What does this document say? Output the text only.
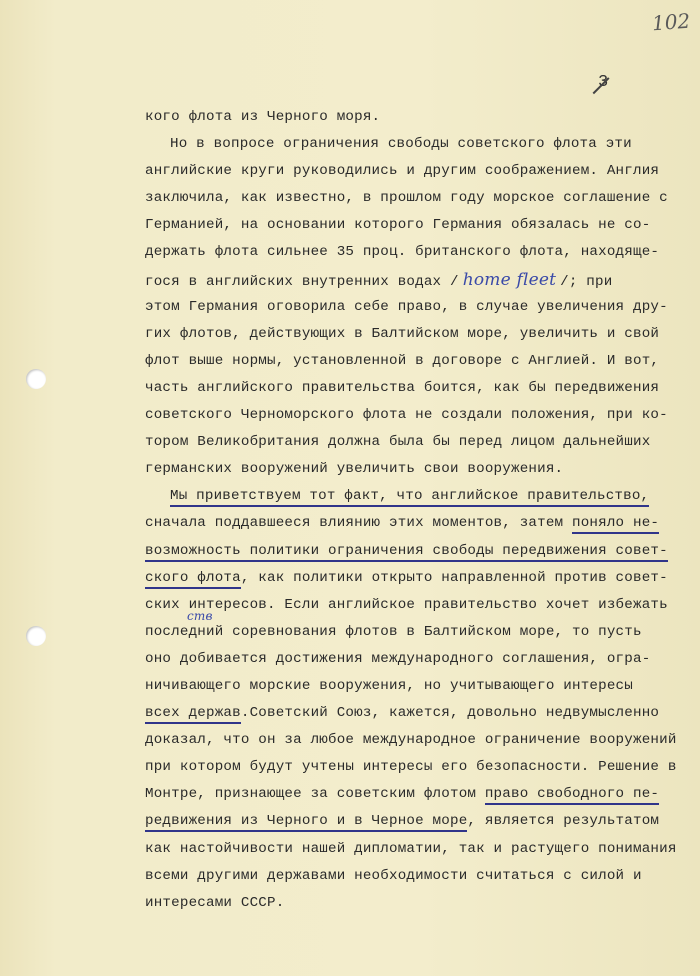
102
3
кого флота из Черного моря.
Но в вопросе ограничения свободы советского флота эти
английские круги руководились и другим соображением. Англия
заключила, как известно, в прошлом году морское соглашение с
Германией, на основании которого Германия обязалась не со-
держать флота сильнее 35 проц. британского флота, находяще-
гося в английских внутренних водах / home fleet /; при
этом Германия оговорила себе право, в случае увеличения дру-
гих флотов, действующих в Балтийском море, увеличить и свой
флот выше нормы, установленной в договоре с Англией. И вот,
часть английского правительства боится, как бы передвижения
советского Черноморского флота не создали положения, при ко-
тором Великобритания должна была бы перед лицом дальнейших
германских вооружений увеличить свои вооружения.
Мы приветствуем тот факт, что английское правительство,
сначала поддавшееся влиянию этих моментов, затем поняло не-
возможность политики ограничения свободы передвижения совет-
ского флота, как политики открыто направленной против совет-
ских интересов. Если английское правительство хочет избежать
ств
последний соревнования флотов в Балтийском море, то пусть
оно добивается достижения международного соглашения, огра-
ничивающего морские вооружения, но учитывающего интересы
всех держав.Советский Союз, кажется, довольно недвумысленно
доказал, что он за любое международное ограничение вооружений
при котором будут учтены интересы его безопасности. Решение в
Монтре, признающее за советским флотом право свободного пе-
редвижения из Черного и в Черное море, является результатом
как настойчивости нашей дипломатии, так и растущего понимания
всеми другими державами необходимости считаться с силой и
интересами СССР.
